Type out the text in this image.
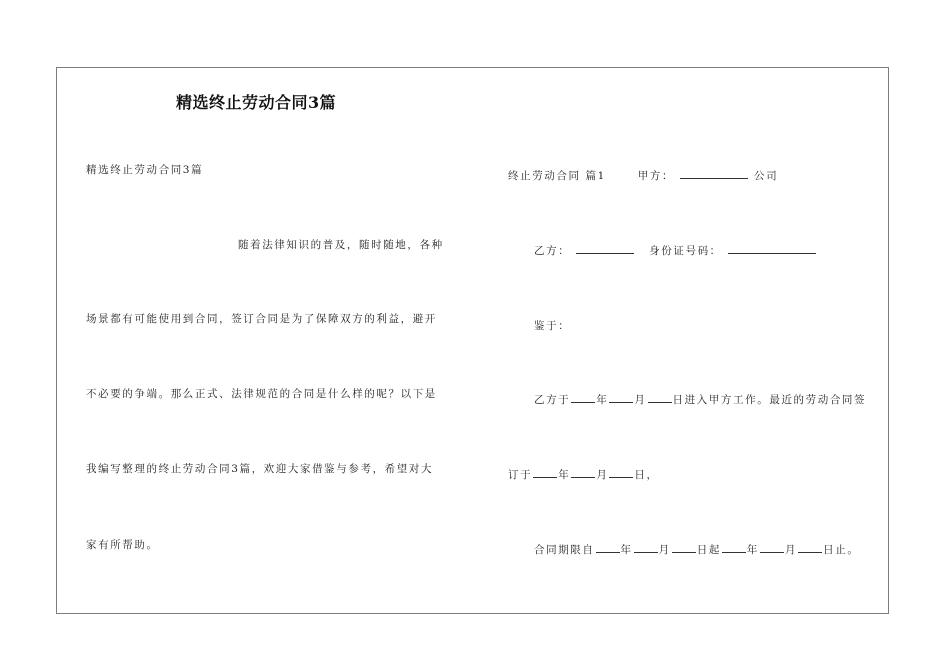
精选终止劳动合同3篇
精选终止劳动合同3篇
随着法律知识的普及，随时随地，各种
场景都有可能使用到合同，签订合同是为了保障双方的利益，避开
不必要的争端。那么正式、法律规范的合同是什么样的呢？以下是
我编写整理的终止劳动合同3篇，欢迎大家借鉴与参考，希望对大
家有所帮助。
终止劳动合同 篇1	甲方：	公司
乙方：	身份证号码：
鉴于：
乙方于 年 月 日进入甲方工作。最近的劳动合同签
订于 年 月 日，
合同期限自 年 月 日起 年 月 日止。
